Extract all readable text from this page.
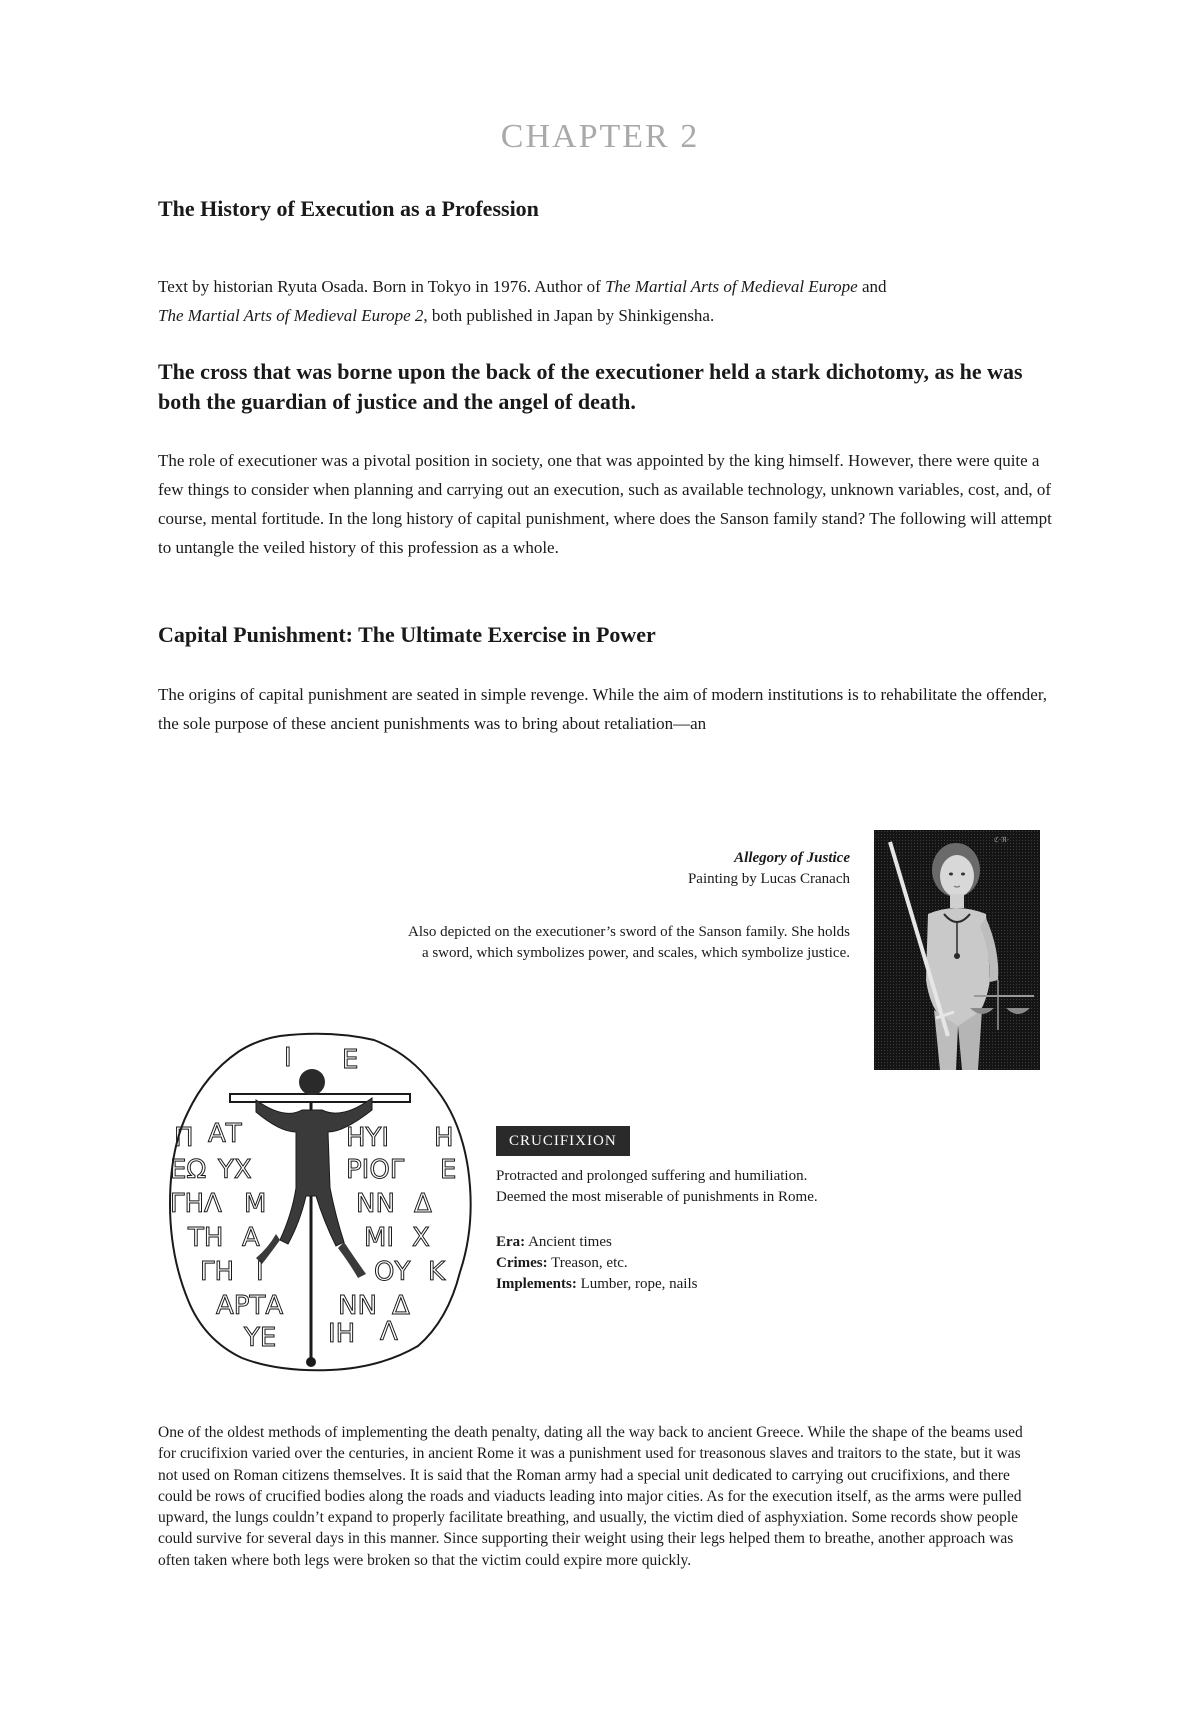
CHAPTER 2
The History of Execution as a Profession
Text by historian Ryuta Osada. Born in Tokyo in 1976. Author of The Martial Arts of Medieval Europe and
The Martial Arts of Medieval Europe 2, both published in Japan by Shinkigensha.
The cross that was borne upon the back of the executioner held a stark dichotomy, as he was both the guardian of justice and the angel of death.
The role of executioner was a pivotal position in society, one that was appointed by the king himself. However, there were quite a few things to consider when planning and carrying out an execution, such as available technology, unknown variables, cost, and, of course, mental fortitude. In the long history of capital punishment, where does the Sanson family stand? The following will attempt to untangle the veiled history of this profession as a whole.
Capital Punishment: The Ultimate Exercise in Power
The origins of capital punishment are seated in simple revenge. While the aim of modern institutions is to rehabilitate the offender, the sole purpose of these ancient punishments was to bring about retaliation—an
Allegory of Justice
Painting by Lucas Cranach
Also depicted on the executioner’s sword of the Sanson family. She holds
a sword, which symbolizes power, and scales, which symbolize justice.
ℭ·ℜ·
I E
Π ΑΤ	ΗΥΙ Η
ΕΩ ΥΧ	ΡΙΟΓ Ε
ΓΗΛ Μ	ΝΝ Δ
ΤΗ Α	ΜΙ Χ
ΓΗ Ι	ΟΥ Κ
ΑΡΤΑ ΝΝ Δ
ΥΕ ΙΗ Λ
CRUCIFIXION
Protracted and prolonged suffering and humiliation.
Deemed the most miserable of punishments in Rome.
Era: Ancient times
Crimes: Treason, etc.
Implements: Lumber, rope, nails
One of the oldest methods of implementing the death penalty, dating all the way back to ancient Greece. While the shape of the beams used for crucifixion varied over the centuries, in ancient Rome it was a punishment used for treasonous slaves and traitors to the state, but it was not used on Roman citizens themselves. It is said that the Roman army had a special unit dedicated to carrying out crucifixions, and there could be rows of crucified bodies along the roads and viaducts leading into major cities. As for the execution itself, as the arms were pulled upward, the lungs couldn’t expand to properly facilitate breathing, and usually, the victim died of asphyxiation. Some records show people could survive for several days in this manner. Since supporting their weight using their legs helped them to breathe, another approach was often taken where both legs were broken so that the victim could expire more quickly.
